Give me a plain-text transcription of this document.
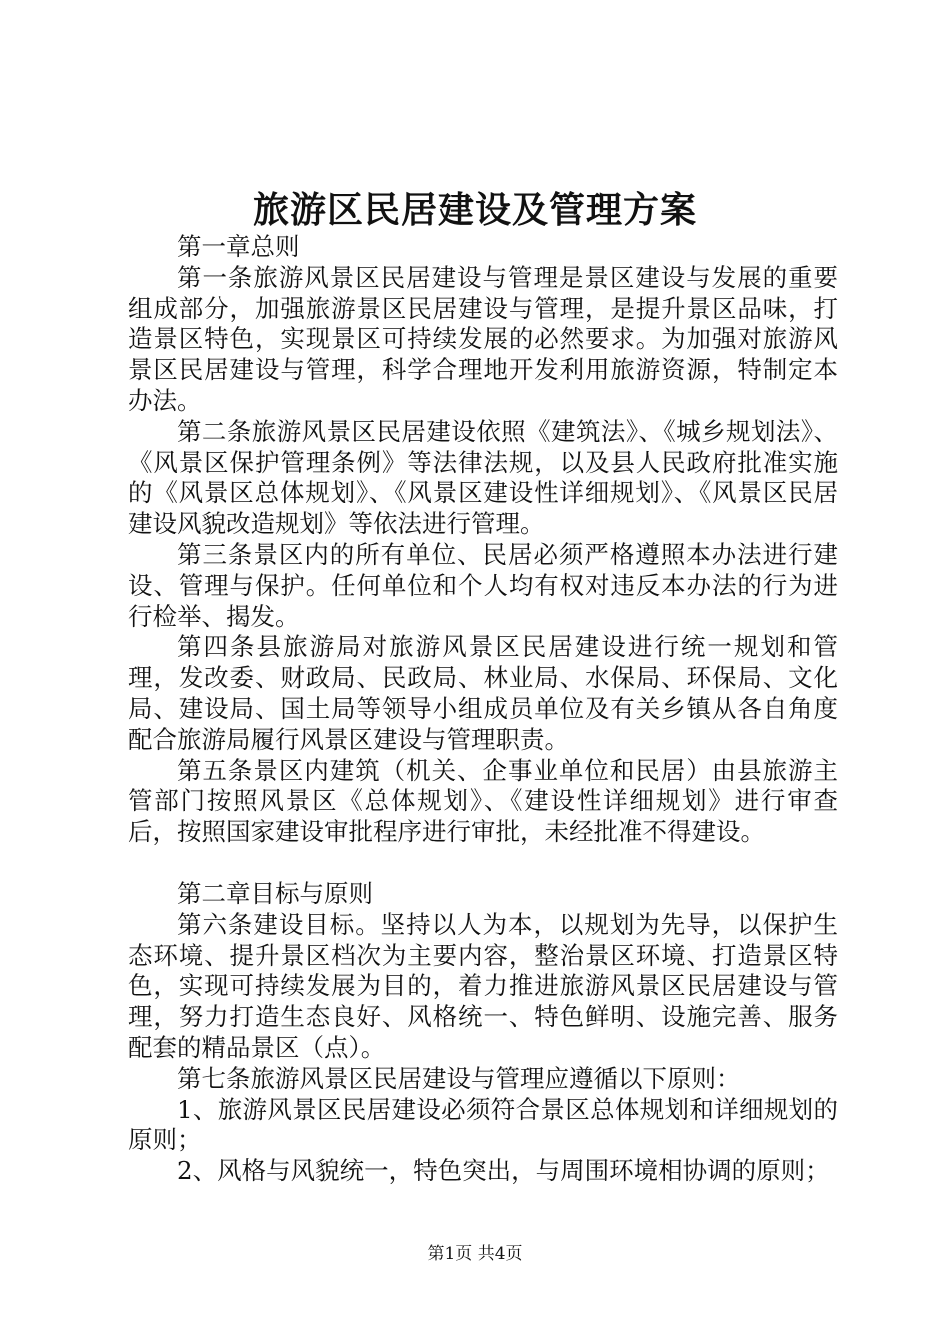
旅游区民居建设及管理方案

第一章总则

第一条旅游风景区民居建设与管理是景区建设与发展的重要组成部分，加强旅游景区民居建设与管理，是提升景区品味，打造景区特色，实现景区可持续发展的必然要求。为加强对旅游风景区民居建设与管理，科学合理地开发利用旅游资源，特制定本办法。

第二条旅游风景区民居建设依照《建筑法》、《城乡规划法》、《风景区保护管理条例》等法律法规，以及县人民政府批准实施的《风景区总体规划》、《风景区建设性详细规划》、《风景区民居建设风貌改造规划》等依法进行管理。

第三条景区内的所有单位、民居必须严格遵照本办法进行建设、管理与保护。任何单位和个人均有权对违反本办法的行为进行检举、揭发。

第四条县旅游局对旅游风景区民居建设进行统一规划和管理，发改委、财政局、民政局、林业局、水保局、环保局、文化局、建设局、国土局等领导小组成员单位及有关乡镇从各自角度配合旅游局履行风景区建设与管理职责。

第五条景区内建筑（机关、企事业单位和民居）由县旅游主管部门按照风景区《总体规划》、《建设性详细规划》进行审查后，按照国家建设审批程序进行审批，未经批准不得建设。

第二章目标与原则

第六条建设目标。坚持以人为本，以规划为先导，以保护生态环境、提升景区档次为主要内容，整治景区环境、打造景区特色，实现可持续发展为目的，着力推进旅游风景区民居建设与管理，努力打造生态良好、风格统一、特色鲜明、设施完善、服务配套的精品景区（点）。

第七条旅游风景区民居建设与管理应遵循以下原则：

1、旅游风景区民居建设必须符合景区总体规划和详细规划的原则；

2、风格与风貌统一，特色突出，与周围环境相协调的原则；

第1页 共4页
